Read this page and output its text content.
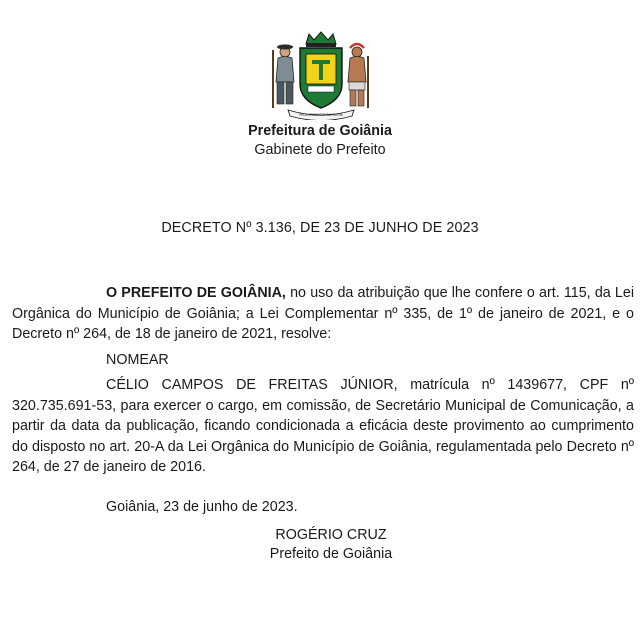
PELA GRANDEZA DA PATRIA
Prefeitura de Goiânia
Gabinete do Prefeito
DECRETO Nº 3.136, DE 23 DE JUNHO DE 2023

O PREFEITO DE GOIÂNIA, no uso da atribuição que lhe confere o art. 115, da Lei Orgânica do Município de Goiânia; a Lei Complementar nº 335, de 1º de janeiro de 2021, e o Decreto nº 264, de 18 de janeiro de 2021, resolve:

NOMEAR

CÉLIO CAMPOS DE FREITAS JÚNIOR, matrícula nº 1439677, CPF nº 320.735.691-53, para exercer o cargo, em comissão, de Secretário Municipal de Comunicação, a partir da data da publicação, ficando condicionada a eficácia deste provimento ao cumprimento do disposto no art. 20-A da Lei Orgânica do Município de Goiânia, regulamentada pelo Decreto nº 264, de 27 de janeiro de 2016.

Goiânia, 23 de junho de 2023.
ROGÉRIO CRUZ
Prefeito de Goiânia
